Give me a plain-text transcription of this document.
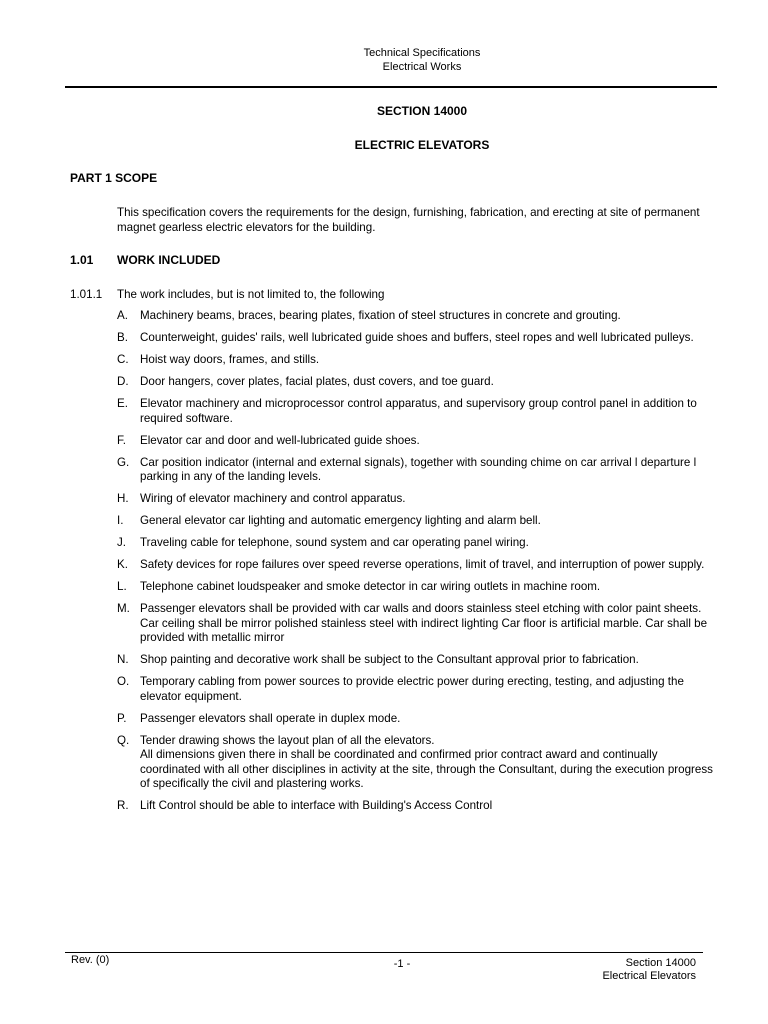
Technical Specifications
Electrical Works
SECTION 14000
ELECTRIC ELEVATORS
PART 1 SCOPE
This specification covers the requirements for the design, furnishing, fabrication, and erecting at site of permanent magnet gearless electric elevators for the building.
1.01 WORK INCLUDED
1.01.1 The work includes, but is not limited to, the following
A.	Machinery beams, braces, bearing plates, fixation of steel structures in concrete and grouting.
B.	Counterweight, guides' rails, well lubricated guide shoes and buffers, steel ropes and well lubricated pulleys.
C. Hoist way doors, frames, and stills.
D. Door hangers, cover plates, facial plates, dust covers, and toe guard.
E.	Elevator machinery and microprocessor control apparatus, and supervisory group control panel in addition to required software.
F.	Elevator car and door and well-lubricated guide shoes.
G. Car position indicator (internal and external signals), together with sounding chime on car arrival l departure l parking in any of the landing levels.
H. Wiring of elevator machinery and control apparatus.
I.	General elevator car lighting and automatic emergency lighting and alarm bell.
J.	Traveling cable for telephone, sound system and car operating panel wiring.
K.	Safety devices for rope failures over speed reverse operations, limit of travel, and interruption of power supply.
L.	Telephone cabinet loudspeaker and smoke detector in car wiring outlets in machine room.
M. Passenger elevators shall be provided with car walls and doors stainless steel etching with color paint sheets. Car ceiling shall be mirror polished stainless steel with indirect lighting Car floor is artificial marble. Car shall be provided with metallic mirror
N. Shop painting and decorative work shall be subject to the Consultant approval prior to fabrication.
O. Temporary cabling from power sources to provide electric power during erecting, testing, and adjusting the elevator equipment.
P.	Passenger elevators shall operate in duplex mode.
Q. Tender drawing shows the layout plan of all the elevators.
All dimensions given there in shall be coordinated and confirmed prior contract award and continually coordinated with all other disciplines in activity at the site, through the Consultant, during the execution progress of specifically the civil and plastering works.
R. Lift Control should be able to interface with Building's Access Control
Rev. (0)	-1 -	Section 14000
Electrical Elevators
